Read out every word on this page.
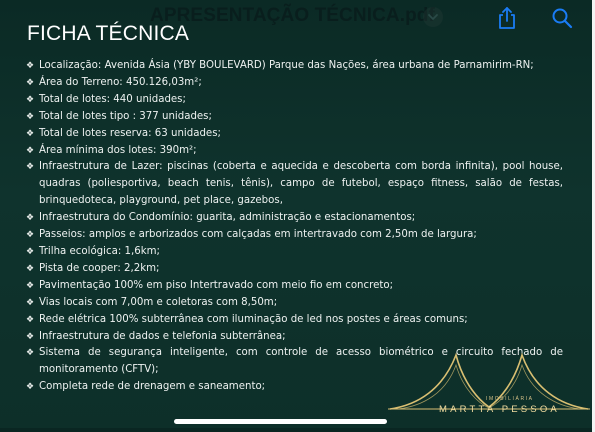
APRESENTAÇÃO TÉCNICA.pdf
FICHA TÉCNICA
❖ Localização: Avenida Ásia (YBY BOULEVARD) Parque das Nações, área urbana de Parnamirim-RN;
❖ Área do Terreno: 450.126,03m²;
❖ Total de lotes: 440 unidades;
❖ Total de lotes tipo : 377 unidades;
❖ Total de lotes reserva: 63 unidades;
❖ Área mínima dos lotes: 390m²;
❖ Infraestrutura de Lazer: piscinas (coberta e aquecida e descoberta com borda infinita), pool house, quadras (poliesportiva, beach tenis, tênis), campo de futebol, espaço fitness, salão de festas, brinquedoteca, playground, pet place, gazebos,
❖ Infraestrutura do Condomínio: guarita, administração e estacionamentos;
❖ Passeios: amplos e arborizados com calçadas em intertravado com 2,50m de largura;
❖ Trilha ecológica: 1,6km;
❖ Pista de cooper: 2,2km;
❖ Pavimentação 100% em piso Intertravado com meio fio em concreto;
❖ Vias locais com 7,00m e coletoras com 8,50m;
❖ Rede elétrica 100% subterrânea com iluminação de led nos postes e áreas comuns;
❖ Infraestrutura de dados e telefonia subterrânea;
❖ Sistema de segurança inteligente, com controle de acesso biométrico e circuito fechado de monitoramento (CFTV);
❖ Completa rede de drenagem e saneamento;
IMOBILIÁRIA
MARTTA PESSOA
